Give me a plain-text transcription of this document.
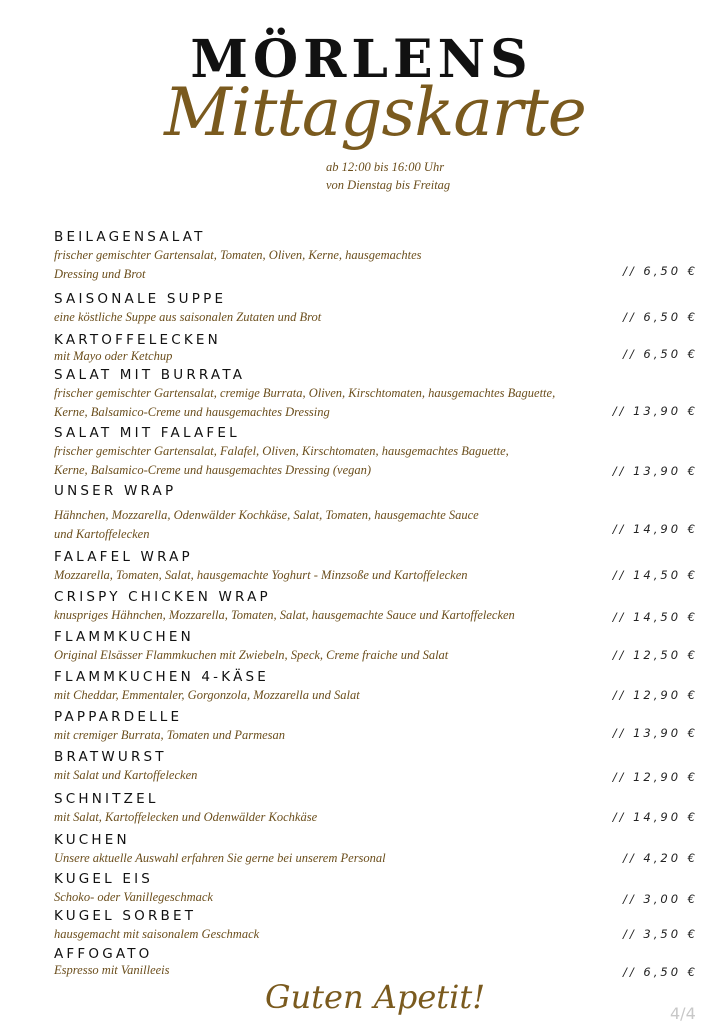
MÖRLENS
Mittagskarte
ab 12:00 bis 16:00 Uhr
von Dienstag bis Freitag
BEILAGENSALAT
frischer gemischter Gartensalat, Tomaten, Oliven, Kerne, hausgemachtes
Dressing und Brot	// 6,50 €
SAISONALE SUPPE
eine köstliche Suppe aus saisonalen Zutaten und Brot	// 6,50 €
KARTOFFELECKEN
mit Mayo oder Ketchup	// 6,50 €
SALAT MIT BURRATA
frischer gemischter Gartensalat, cremige Burrata, Oliven, Kirschtomaten, hausgemachtes Baguette,
Kerne, Balsamico-Creme und hausgemachtes Dressing	// 13,90 €
SALAT MIT FALAFEL
frischer gemischter Gartensalat, Falafel, Oliven, Kirschtomaten, hausgemachtes Baguette,
Kerne, Balsamico-Creme und hausgemachtes Dressing (vegan)	// 13,90 €
UNSER WRAP
Hähnchen, Mozzarella, Odenwälder Kochkäse, Salat, Tomaten, hausgemachte Sauce
und Kartoffelecken	// 14,90 €
FALAFEL WRAP
Mozzarella, Tomaten, Salat, hausgemachte Yoghurt - Minzsoße und Kartoffelecken	// 14,50 €
CRISPY CHICKEN WRAP
knuspriges Hähnchen, Mozzarella, Tomaten, Salat, hausgemachte Sauce und Kartoffelecken	// 14,50 €
FLAMMKUCHEN
Original Elsässer Flammkuchen mit Zwiebeln, Speck, Creme fraiche und Salat	// 12,50 €
FLAMMKUCHEN 4-KÄSE
mit Cheddar, Emmentaler, Gorgonzola, Mozzarella und Salat	// 12,90 €
PAPPARDELLE
mit cremiger Burrata, Tomaten und Parmesan	// 13,90 €
BRATWURST
mit Salat und Kartoffelecken	// 12,90 €
SCHNITZEL
mit Salat, Kartoffelecken und Odenwälder Kochkäse	// 14,90 €
KUCHEN
Unsere aktuelle Auswahl erfahren Sie gerne bei unserem Personal	// 4,20 €
KUGEL EIS
Schoko- oder Vanillegeschmack	// 3,00 €
KUGEL SORBET
hausgemacht mit saisonalem Geschmack	// 3,50 €
AFFOGATO
Espresso mit Vanilleeis	// 6,50 €
Guten Apetit!	4/4
